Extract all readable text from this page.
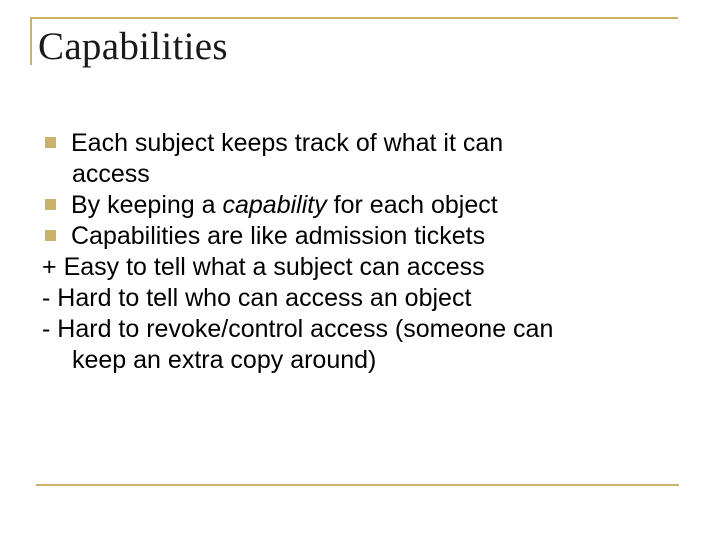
Capabilities
Each subject keeps track of what it can
access
By keeping a capability for each object
Capabilities are like admission tickets
+ Easy to tell what a subject can access
- Hard to tell who can access an object
- Hard to revoke/control access (someone can
keep an extra copy around)
